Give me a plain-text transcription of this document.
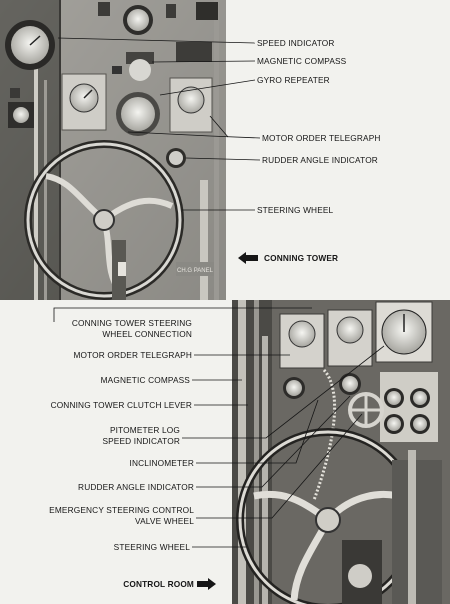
CH.G PANEL
SPEED INDICATOR
MAGNETIC COMPASS
GYRO REPEATER
MOTOR ORDER TELEGRAPH
RUDDER ANGLE INDICATOR
STEERING WHEEL
CONNING TOWER
CONNING TOWER STEERING
WHEEL CONNECTION
MOTOR ORDER TELEGRAPH
MAGNETIC COMPASS
CONNING TOWER CLUTCH LEVER
PITOMETER LOG
SPEED INDICATOR
INCLINOMETER
RUDDER ANGLE INDICATOR
EMERGENCY STEERING CONTROL
VALVE WHEEL
STEERING WHEEL
CONTROL ROOM
